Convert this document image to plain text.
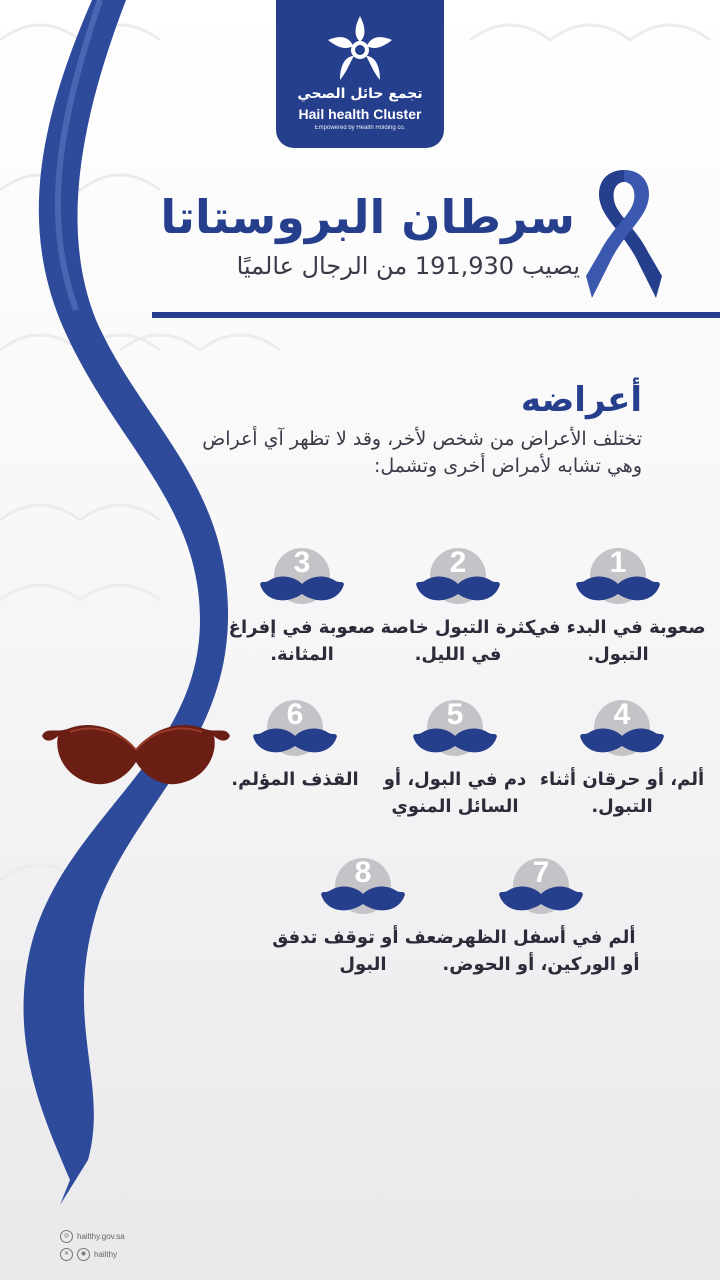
تجمع حائل الصحي
Hail health Cluster
Empowered by Health Holding co.
سرطان البروستاتا
يصيب 191,930 من الرجال عالميًا
أعراضه
تختلف الأعراض من شخص لأخر، وقد لا تظهر آي أعراض وهي تشابه لأمراض أخرى وتشمل:
1
صعوبة في البدء في التبول.
2
كثرة التبول خاصة في الليل.
3
صعوبة في إفراغ المثانة.
4
ألم، أو حرقان أثناء التبول.
5
دم في البول، أو السائل المنوي
6
القذف المؤلم.
7
ألم في أسفل الظهر، أو الوركين، أو الحوض.
8
ضعف أو توقف تدفق البول
◎ hailthy.gov.sa
✕	◉ hailthy
